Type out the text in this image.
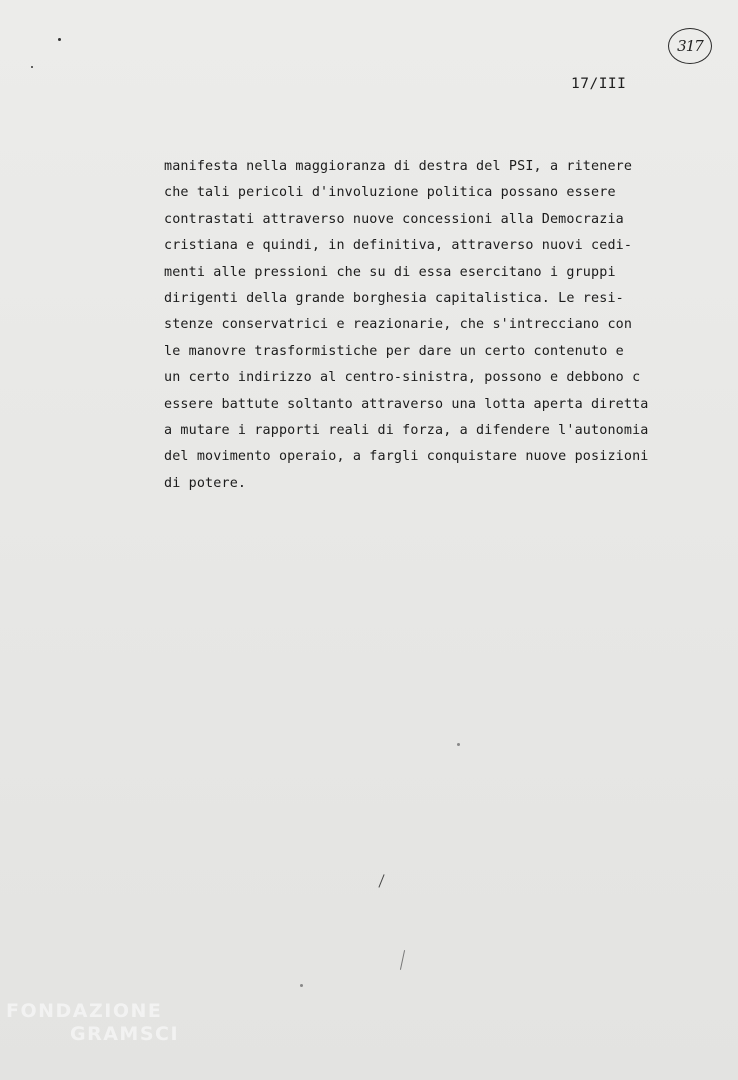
317
17/III
manifesta nella maggioranza di destra del PSI, a ritenere
che tali pericoli d'involuzione politica possano essere
contrastati attraverso nuove concessioni alla Democrazia
cristiana e quindi, in definitiva, attraverso nuovi cedi-
menti alle pressioni che su di essa esercitano i gruppi
dirigenti della grande borghesia capitalistica. Le resi-
stenze conservatrici e reazionarie, che s'intrecciano con
le manovre trasformistiche per dare un certo contenuto e
un certo indirizzo al centro-sinistra, possono e debbono c
essere battute soltanto attraverso una lotta aperta diretta
a mutare i rapporti reali di forza, a difendere l'autonomia
del movimento operaio, a fargli conquistare nuove posizioni
di potere.
FONDAZIONE
GRAMSCI
